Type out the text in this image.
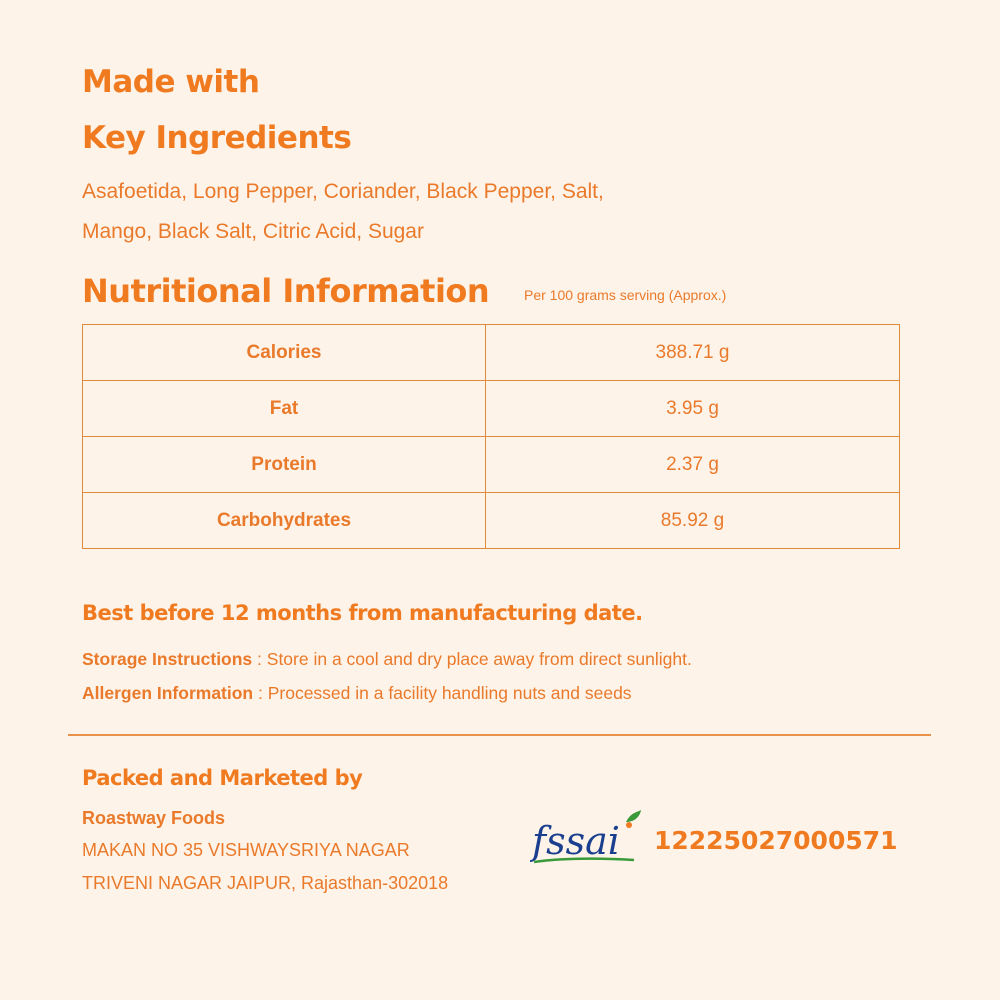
Made with
Key Ingredients
Asafoetida, Long Pepper, Coriander, Black Pepper, Salt,
Mango, Black Salt, Citric Acid, Sugar
Nutritional Information Per 100 grams serving (Approx.)
Calories	388.71 g
Fat	3.95 g
Protein	2.37 g
Carbohydrates	85.92 g
Best before 12 months from manufacturing date.
Storage Instructions : Store in a cool and dry place away from direct sunlight.
Allergen Information : Processed in a facility handling nuts and seeds
Packed and Marketed by
Roastway Foods
MAKAN NO 35 VISHWAYSRIYA NAGAR
TRIVENI NAGAR JAIPUR, Rajasthan-302018
fssai 12225027000571
